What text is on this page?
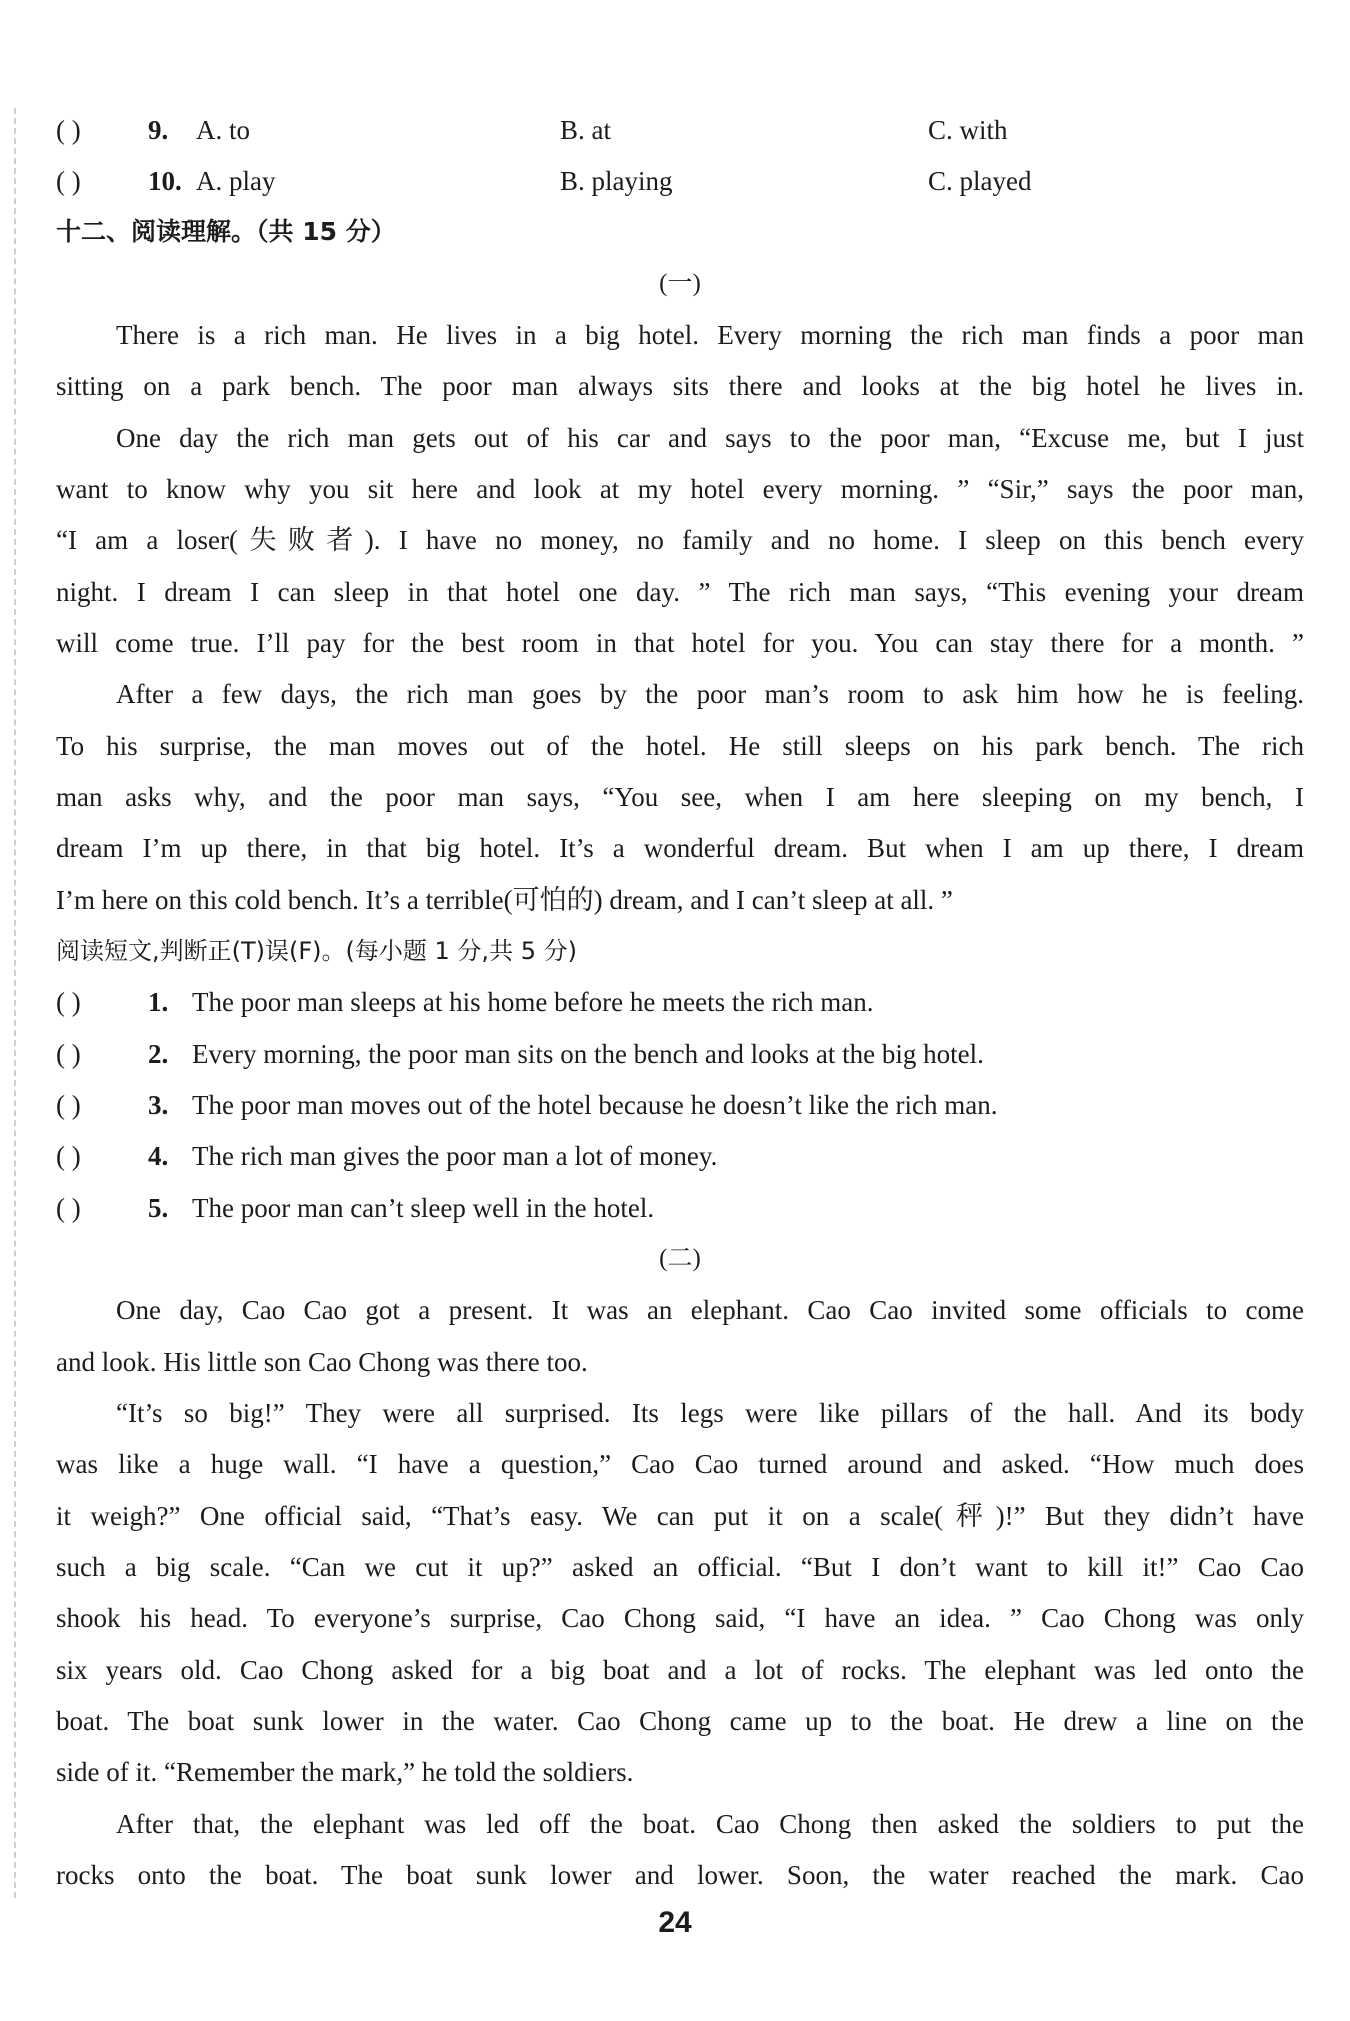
( ) 9. A. to	B. at	C. with
( ) 10. A. play	B. playing	C. played
十二、阅读理解。（共 15 分）
(一)
There is a rich man. He lives in a big hotel. Every morning the rich man finds a poor man
sitting on a park bench. The poor man always sits there and looks at the big hotel he lives in.
One day the rich man gets out of his car and says to the poor man, “Excuse me, but I just
want to know why you sit here and look at my hotel every morning. ” “Sir,” says the poor man,
“I am a loser(失败者). I have no money, no family and no home. I sleep on this bench every
night. I dream I can sleep in that hotel one day. ” The rich man says, “This evening your dream
will come true. I’ll pay for the best room in that hotel for you. You can stay there for a month. ”
After a few days, the rich man goes by the poor man’s room to ask him how he is feeling.
To his surprise, the man moves out of the hotel. He still sleeps on his park bench. The rich
man asks why, and the poor man says, “You see, when I am here sleeping on my bench, I
dream I’m up there, in that big hotel. It’s a wonderful dream. But when I am up there, I dream
I’m here on this cold bench. It’s a terrible(可怕的) dream, and I can’t sleep at all. ”
阅读短文,判断正(T)误(F)。(每小题 1 分,共 5 分)
( ) 1. The poor man sleeps at his home before he meets the rich man.
( ) 2. Every morning, the poor man sits on the bench and looks at the big hotel.
( ) 3. The poor man moves out of the hotel because he doesn’t like the rich man.
( ) 4. The rich man gives the poor man a lot of money.
( ) 5. The poor man can’t sleep well in the hotel.
(二)
One day, Cao Cao got a present. It was an elephant. Cao Cao invited some officials to come
and look. His little son Cao Chong was there too.
“It’s so big!” They were all surprised. Its legs were like pillars of the hall. And its body
was like a huge wall. “I have a question,” Cao Cao turned around and asked. “How much does
it weigh?” One official said, “That’s easy. We can put it on a scale(秤)!” But they didn’t have
such a big scale. “Can we cut it up?” asked an official. “But I don’t want to kill it!” Cao Cao
shook his head. To everyone’s surprise, Cao Chong said, “I have an idea. ” Cao Chong was only
six years old. Cao Chong asked for a big boat and a lot of rocks. The elephant was led onto the
boat. The boat sunk lower in the water. Cao Chong came up to the boat. He drew a line on the
side of it. “Remember the mark,” he told the soldiers.
After that, the elephant was led off the boat. Cao Chong then asked the soldiers to put the
rocks onto the boat. The boat sunk lower and lower. Soon, the water reached the mark. Cao
24
